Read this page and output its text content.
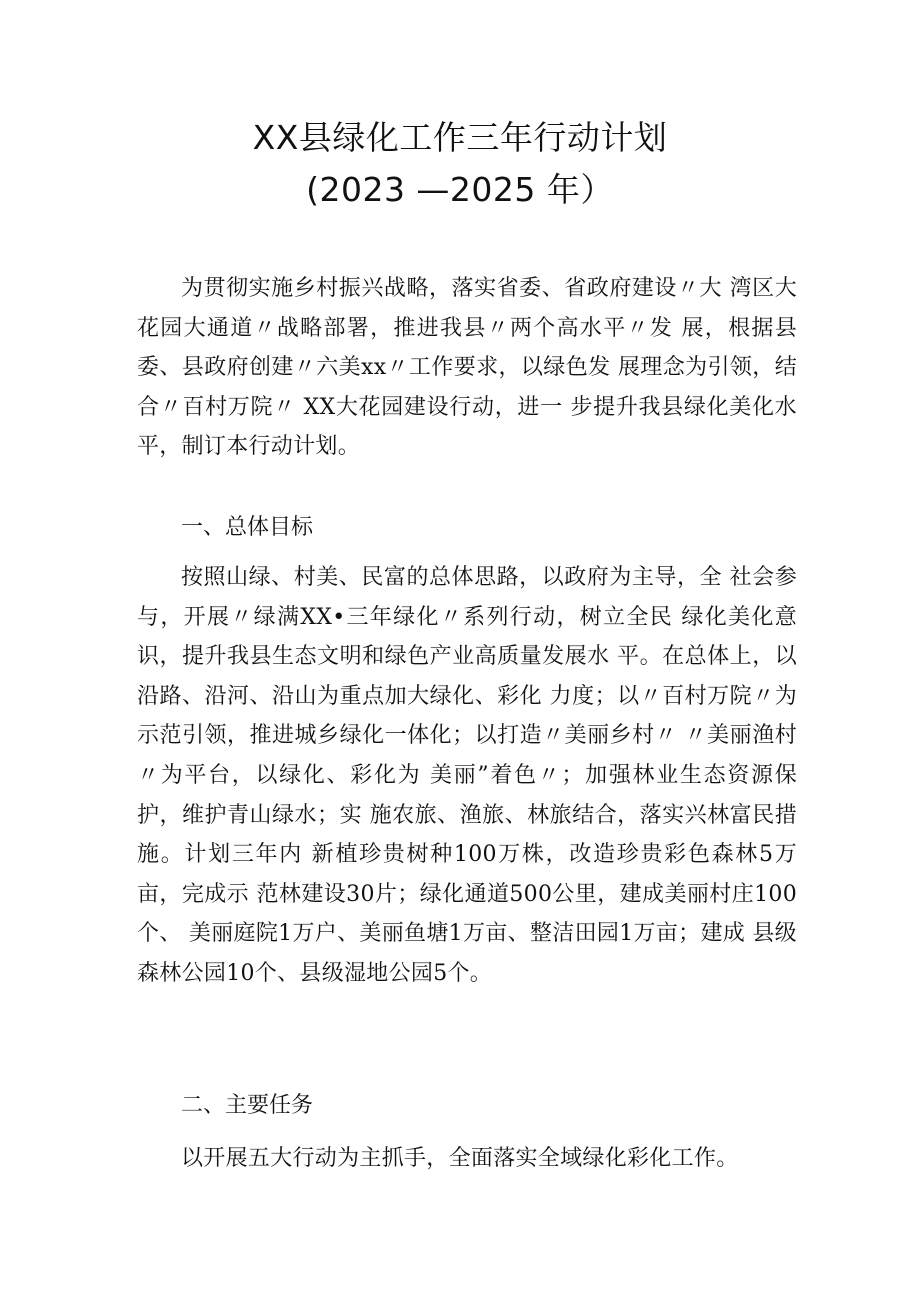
XX县绿化工作三年行动计划
(2023 —2025 年）
为贯彻实施乡村振兴战略，落实省委、省政府建设〃大 湾区大花园大通道〃战略部署，推进我县〃两个高水平〃发 展，根据县委、县政府创建〃六美xx〃工作要求，以绿色发 展理念为引领，结合〃百村万院〃 XX大花园建设行动，进一 步提升我县绿化美化水平，制订本行动计划。
一、总体目标
按照山绿、村美、民富的总体思路，以政府为主导，全 社会参与，开展〃绿满XX•三年绿化〃系列行动，树立全民 绿化美化意识，提升我县生态文明和绿色产业高质量发展水 平。在总体上，以沿路、沿河、沿山为重点加大绿化、彩化 力度；以〃百村万院〃为示范引领，推进城乡绿化一体化；以打造〃美丽乡村〃 〃美丽渔村〃为平台，以绿化、彩化为 美丽”着色〃；加强林业生态资源保护，维护青山绿水；实 施农旅、渔旅、林旅结合，落实兴林富民措施。计划三年内 新植珍贵树种100万株，改造珍贵彩色森林5万亩，完成示 范林建设30片；绿化通道500公里，建成美丽村庄100个、 美丽庭院1万户、美丽鱼塘1万亩、整洁田园1万亩；建成 县级森林公园10个、县级湿地公园5个。
二、主要任务
以开展五大行动为主抓手，全面落实全域绿化彩化工作。
